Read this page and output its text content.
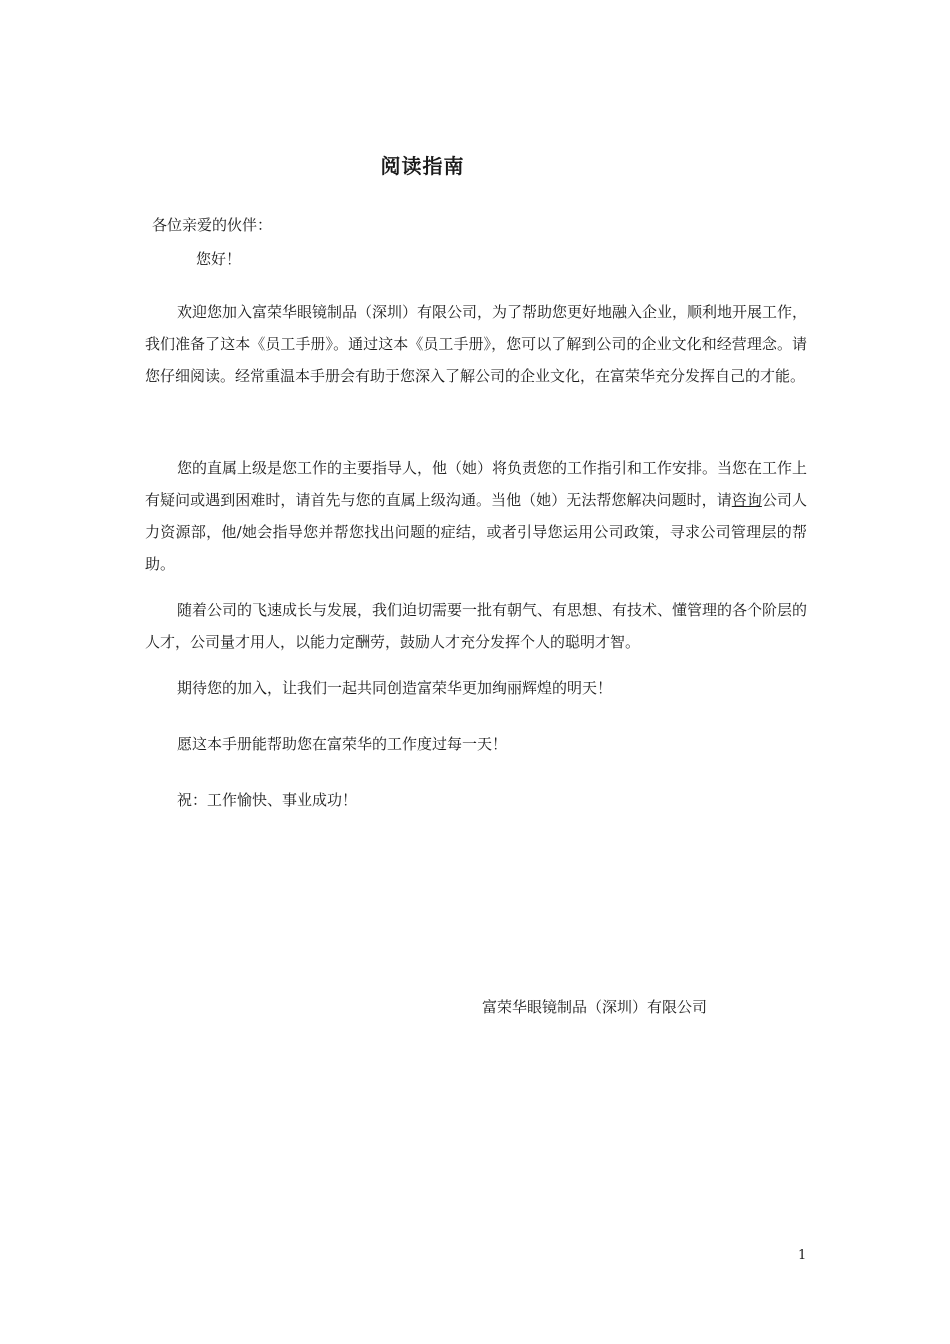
阅读指南
各位亲爱的伙伴：
您好！

欢迎您加入富荣华眼镜制品（深圳）有限公司，为了帮助您更好地融入企业，顺利地开展工作，我们准备了这本《员工手册》。通过这本《员工手册》，您可以了解到公司的企业文化和经营理念。请您仔细阅读。经常重温本手册会有助于您深入了解公司的企业文化，在富荣华充分发挥自己的才能。

您的直属上级是您工作的主要指导人，他（她）将负责您的工作指引和工作安排。当您在工作上有疑问或遇到困难时，请首先与您的直属上级沟通。当他（她）无法帮您解决问题时，请咨询公司人力资源部，他/她会指导您并帮您找出问题的症结，或者引导您运用公司政策，寻求公司管理层的帮助。

随着公司的飞速成长与发展，我们迫切需要一批有朝气、有思想、有技术、懂管理的各个阶层的人才，公司量才用人，以能力定酬劳，鼓励人才充分发挥个人的聪明才智。

期待您的加入，让我们一起共同创造富荣华更加绚丽辉煌的明天！

愿这本手册能帮助您在富荣华的工作度过每一天！

祝：工作愉快、事业成功！

富荣华眼镜制品（深圳）有限公司
1
